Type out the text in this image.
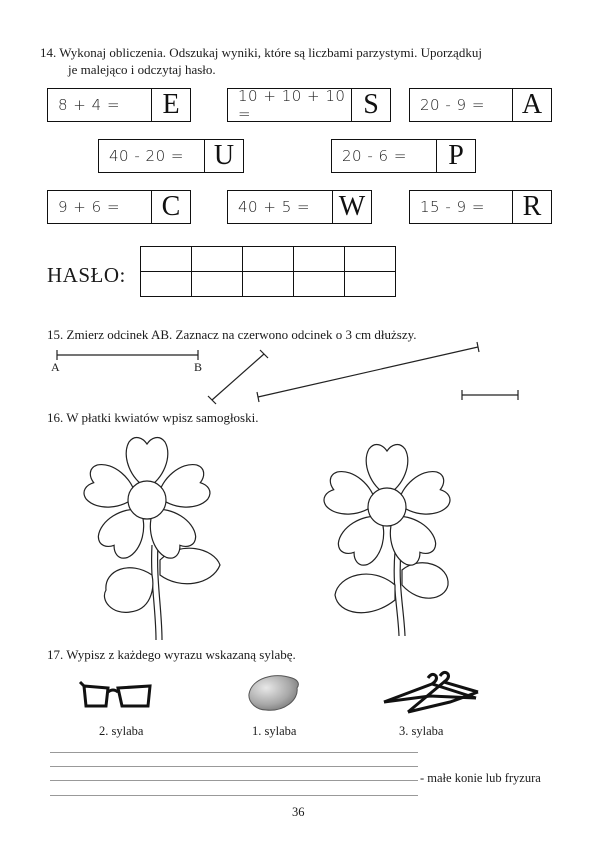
14. Wykonaj obliczenia. Odszukaj wyniki, które są liczbami parzystymi. Uporządkuj
je malejąco i odczytaj hasło.
8 + 4 =	E	10 + 10 + 10 =	S	20 - 9 =	A
40 - 20 =	U	20 - 6 =	P
9 + 6 =	C	40 + 5 =	W	15 - 9 =	R
HASŁO:

15. Zmierz odcinek AB. Zaznacz na czerwono odcinek o 3 cm dłuższy.
A	B
16. W płatki kwiatów wpisz samogłoski.
17. Wypisz z każdego wyrazu wskazaną sylabę.
2. sylaba	1. sylaba	3. sylaba
- małe konie lub fryzura
36
